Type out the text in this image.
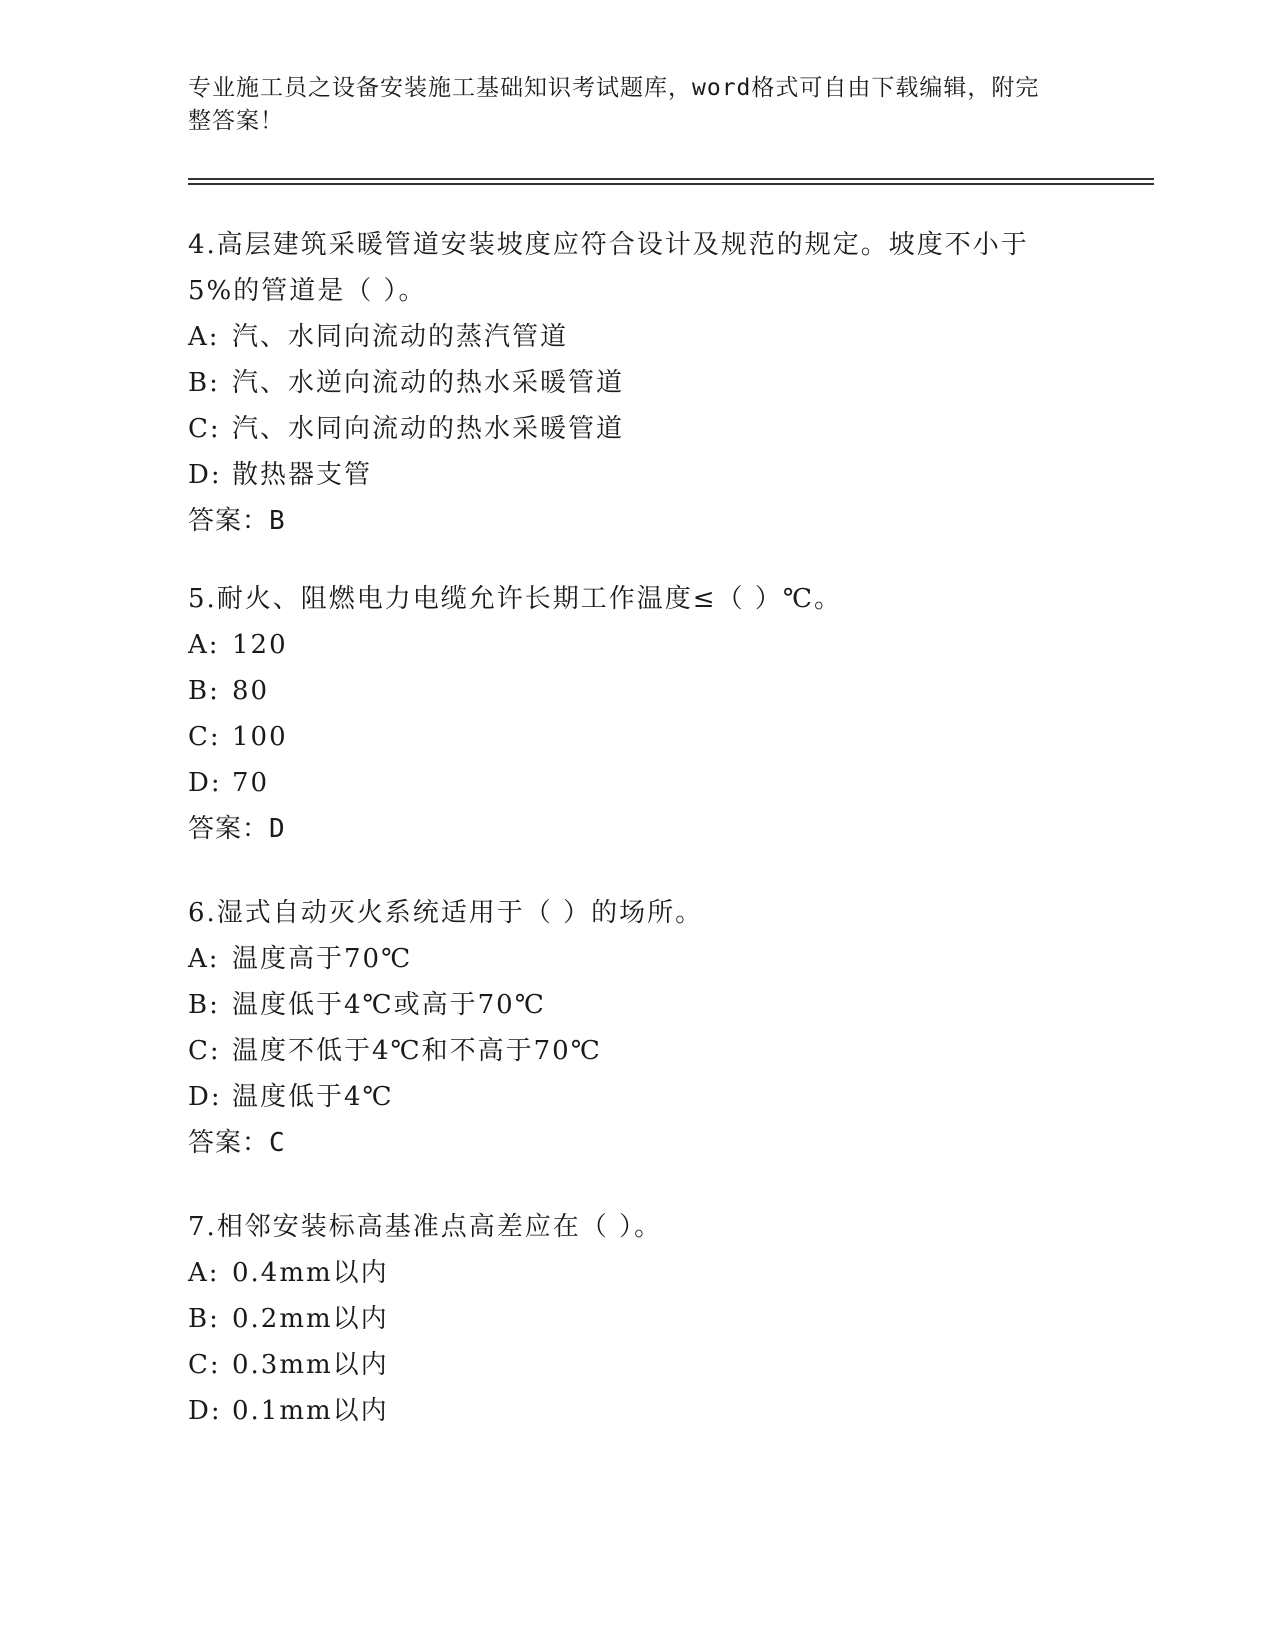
专业施工员之设备安装施工基础知识考试题库，word格式可自由下载编辑，附完
整答案！
4.高层建筑采暖管道安装坡度应符合设计及规范的规定。坡度不小于
5%的管道是（ ）。
A: 汽、水同向流动的蒸汽管道
B: 汽、水逆向流动的热水采暖管道
C: 汽、水同向流动的热水采暖管道
D: 散热器支管
答案：B
5.耐火、阻燃电力电缆允许长期工作温度≤（ ）℃。
A: 120
B: 80
C: 100
D: 70
答案：D
6.湿式自动灭火系统适用于（ ）的场所。
A: 温度高于70℃
B: 温度低于4℃或高于70℃
C: 温度不低于4℃和不高于70℃
D: 温度低于4℃
答案：C
7.相邻安装标高基准点高差应在（ ）。
A: 0.4mm以内
B: 0.2mm以内
C: 0.3mm以内
D: 0.1mm以内
